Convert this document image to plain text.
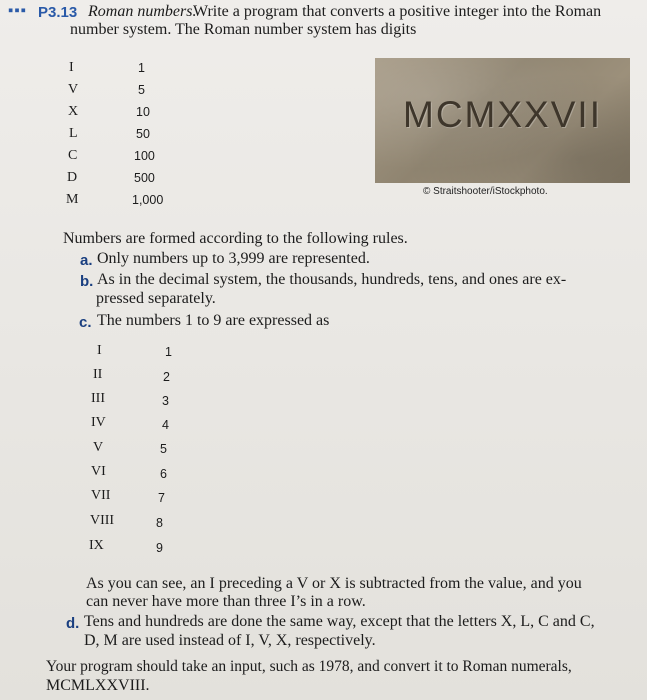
▪▪▪ P3.13 Roman numbers.
Write a program that converts a positive integer into the Roman
number system. The Roman number system has digits
I	1
V	5
X	10
L	50
C	100
D	500
M	1,000
MCMXXVII
© Straitshooter/iStockphoto.
Numbers are formed according to the following rules.
a. Only numbers up to 3,999 are represented.
b. As in the decimal system, the thousands, hundreds, tens, and ones are ex-
pressed separately.
c. The numbers 1 to 9 are expressed as
I	1
II	2
III	3
IV	4
V	5
VI	6
VII	7
VIII	8
IX	9
As you can see, an I preceding a V or X is subtracted from the value, and you
can never have more than three I’s in a row.
d. Tens and hundreds are done the same way, except that the letters X, L, C and C,
D, M are used instead of I, V, X, respectively.
Your program should take an input, such as 1978, and convert it to Roman numerals,
MCMLXXVIII.
